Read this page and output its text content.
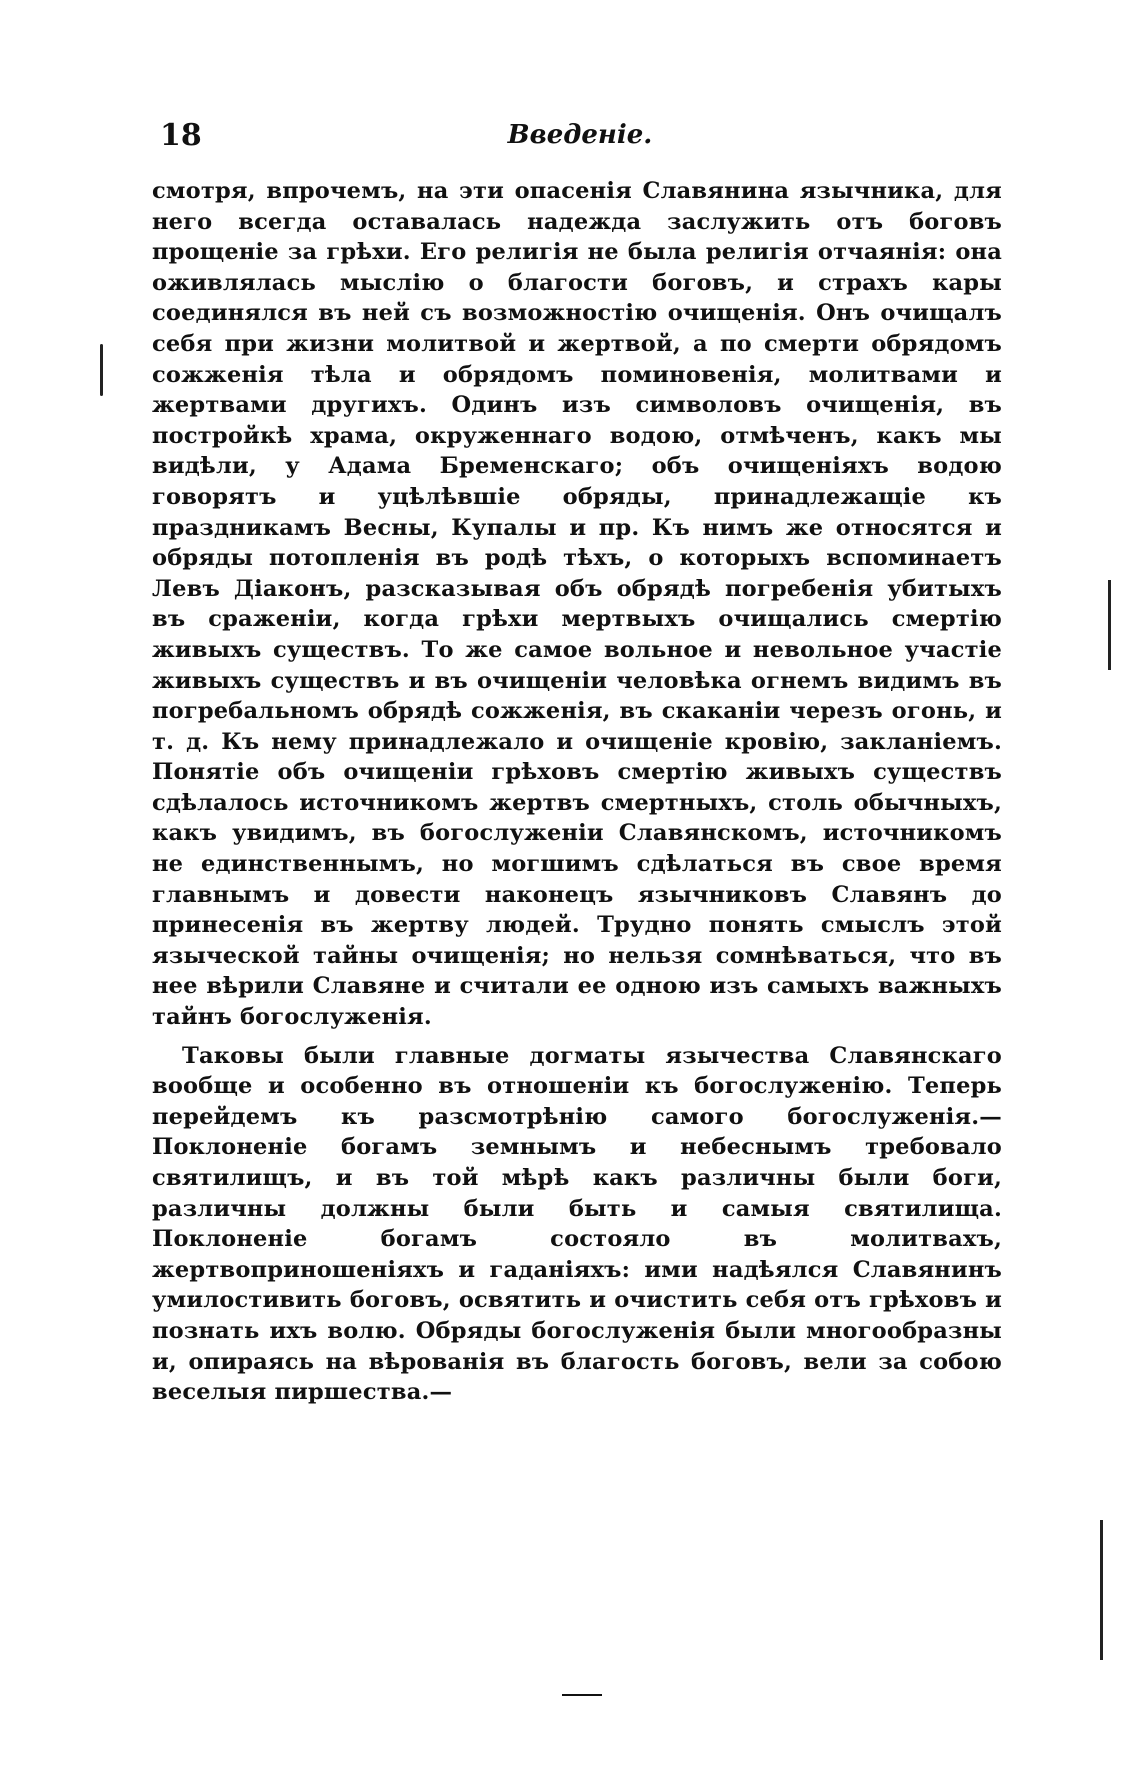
18	Введеніе.

смотря, впрочемъ, на эти опасенія Славянина язычника, для него всегда оставалась надежда заслужить отъ боговъ прощеніе за грѣхи. Его религія не была религія отчаянія: она оживлялась мыслію о благости боговъ, и страхъ кары соединялся въ ней съ возможностію очищенія. Онъ очищалъ себя при жизни молитвой и жертвой, а по смерти обрядомъ сожженія тѣла и обрядомъ поминовенія, молитвами и жертвами другихъ. Одинъ изъ символовъ очищенія, въ постройкѣ храма, окруженнаго водою, отмѣченъ, какъ мы видѣли, у Адама Бременскаго; объ очищеніяхъ водою говорятъ и уцѣлѣвшіе обряды, принадлежащіе къ праздникамъ Весны, Купалы и пр. Къ нимъ же относятся и обряды потопленія въ родѣ тѣхъ, о которыхъ вспоминаетъ Левъ Діаконъ, разсказывая объ обрядѣ погребенія убитыхъ въ сраженіи, когда грѣхи мертвыхъ очищались смертію живыхъ существъ. То же самое вольное и невольное участіе живыхъ существъ и въ очищеніи человѣка огнемъ видимъ въ погребальномъ обрядѣ сожженія, въ скаканіи черезъ огонь, и т. д. Къ нему принадлежало и очищеніе кровію, закланіемъ. Понятіе объ очищеніи грѣховъ смертію живыхъ существъ сдѣлалось источникомъ жертвъ смертныхъ, столь обычныхъ, какъ увидимъ, въ богослуженіи Славянскомъ, источникомъ не единственнымъ, но могшимъ сдѣлаться въ свое время главнымъ и довести наконецъ язычниковъ Славянъ до принесенія въ жертву людей. Трудно понять смыслъ этой языческой тайны очищенія; но нельзя сомнѣваться, что въ нее вѣрили Славяне и считали ее одною изъ самыхъ важныхъ тайнъ богослуженія.

Таковы были главные догматы язычества Славянскаго вообще и особенно въ отношеніи къ богослуженію. Теперь перейдемъ къ разсмотрѣнію самого богослуженія.—Поклоненіе богамъ земнымъ и небеснымъ требовало святилищъ, и въ той мѣрѣ какъ различны были боги, различны должны были быть и самыя святилища. Поклоненіе богамъ состояло въ молитвахъ, жертвоприношеніяхъ и гаданіяхъ: ими надѣялся Славянинъ умилостивить боговъ, освятить и очистить себя отъ грѣховъ и познать ихъ волю. Обряды богослуженія были многообразны и, опираясь на вѣрованія въ благость боговъ, вели за собою веселыя пиршества.—
